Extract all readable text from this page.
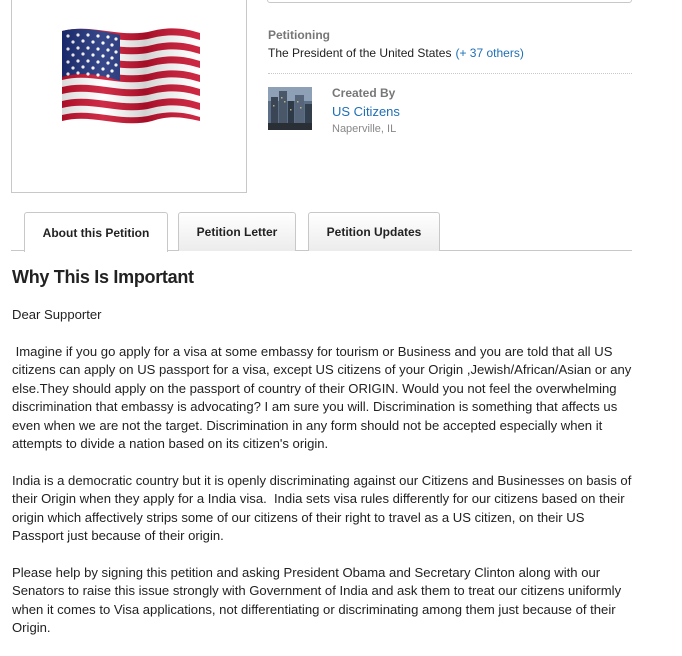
Petitioning
The President of the United States (+ 37 others)
Created By
US Citizens
Naperville, IL
About this Petition	Petition Letter	Petition Updates
Why This Is Important

Dear Supporter

Imagine if you go apply for a visa at some embassy for tourism or Business and you are told that all US citizens can apply on US passport for a visa, except US citizens of your Origin ,Jewish/African/Asian or any else.They should apply on the passport of country of their ORIGIN. Would you not feel the overwhelming discrimination that embassy is advocating? I am sure you will. Discrimination is something that affects us even when we are not the target. Discrimination in any form should not be accepted especially when it attempts to divide a nation based on its citizen's origin.

India is a democratic country but it is openly discriminating against our Citizens and Businesses on basis of their Origin when they apply for a India visa.  India sets visa rules differently for our citizens based on their origin which affectively strips some of our citizens of their right to travel as a US citizen, on their US Passport just because of their origin.

Please help by signing this petition and asking President Obama and Secretary Clinton along with our Senators to raise this issue strongly with Government of India and ask them to treat our citizens uniformly when it comes to Visa applications, not differentiating or discriminating among them just because of their Origin.
